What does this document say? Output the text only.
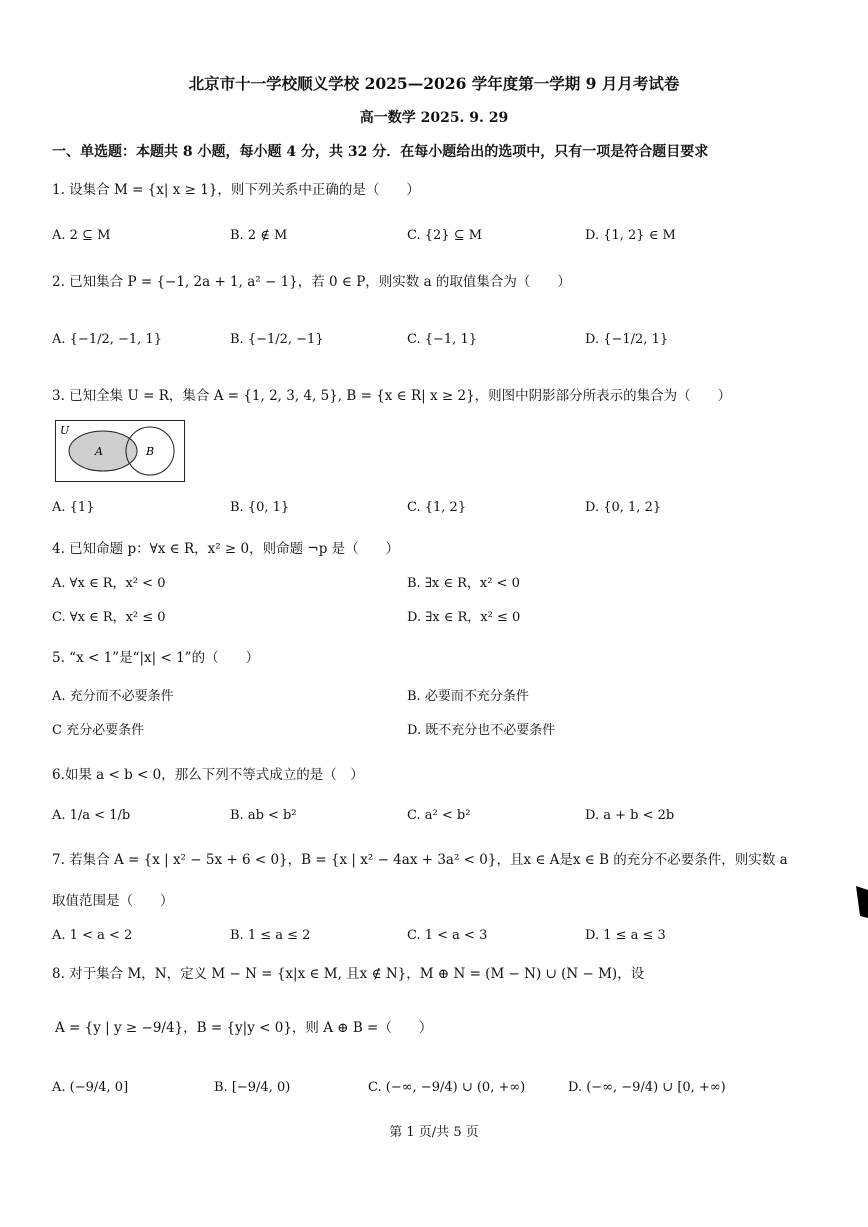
北京市十一学校顺义学校 2025—2026 学年度第一学期 9 月月考试卷
高一数学 2025. 9. 29
一、单选题：本题共 8 小题，每小题 4 分，共 32 分．在每小题给出的选项中，只有一项是符合题目要求
1. 设集合 M = {x| x ≥ 1}，则下列关系中正确的是（　　）
A. 2 ⊆ M	B. 2 ∉ M	C. {2} ⊆ M	D. {1, 2} ∈ M
2. 已知集合 P = {−1, 2a + 1, a² − 1}，若 0 ∈ P，则实数 a 的取值集合为（　　）
A. {−1/2, −1, 1}	B. {−1/2, −1}	C. {−1, 1}	D. {−1/2, 1}
3. 已知全集 U = R，集合 A = {1, 2, 3, 4, 5}, B = {x ∈ R| x ≥ 2}，则图中阴影部分所表示的集合为（　　）
U
A	B
A. {1}	B. {0, 1}	C. {1, 2}	D. {0, 1, 2}
4. 已知命题 p：∀x ∈ R，x² ≥ 0，则命题 ¬p 是（　　）
A. ∀x ∈ R，x² < 0	B. ∃x ∈ R，x² < 0
C. ∀x ∈ R，x² ≤ 0	D. ∃x ∈ R，x² ≤ 0
5. “x < 1”是“|x| < 1”的（　　）
A. 充分而不必要条件	B. 必要而不充分条件
C 充分必要条件	D. 既不充分也不必要条件
6.如果 a < b < 0，那么下列不等式成立的是（　）
A. 1/a < 1/b	B. ab < b²	C. a² < b²	D. a + b < 2b
7. 若集合 A = {x | x² − 5x + 6 < 0}，B = {x | x² − 4ax + 3a² < 0}，且x ∈ A是x ∈ B 的充分不必要条件，则实数 a
取值范围是（　　）
A. 1 < a < 2	B. 1 ≤ a ≤ 2	C. 1 < a < 3	D. 1 ≤ a ≤ 3
8. 对于集合 M，N，定义 M − N = {x|x ∈ M, 且x ∉ N}，M ⊕ N = (M − N) ∪ (N − M)，设
A = {y | y ≥ −9/4}，B = {y|y < 0}，则 A ⊕ B =（　　）
A. (−9/4, 0]	B. [−9/4, 0)	C. (−∞, −9/4) ∪ (0, +∞)	D. (−∞, −9/4) ∪ [0, +∞)
第 1 页/共 5 页
